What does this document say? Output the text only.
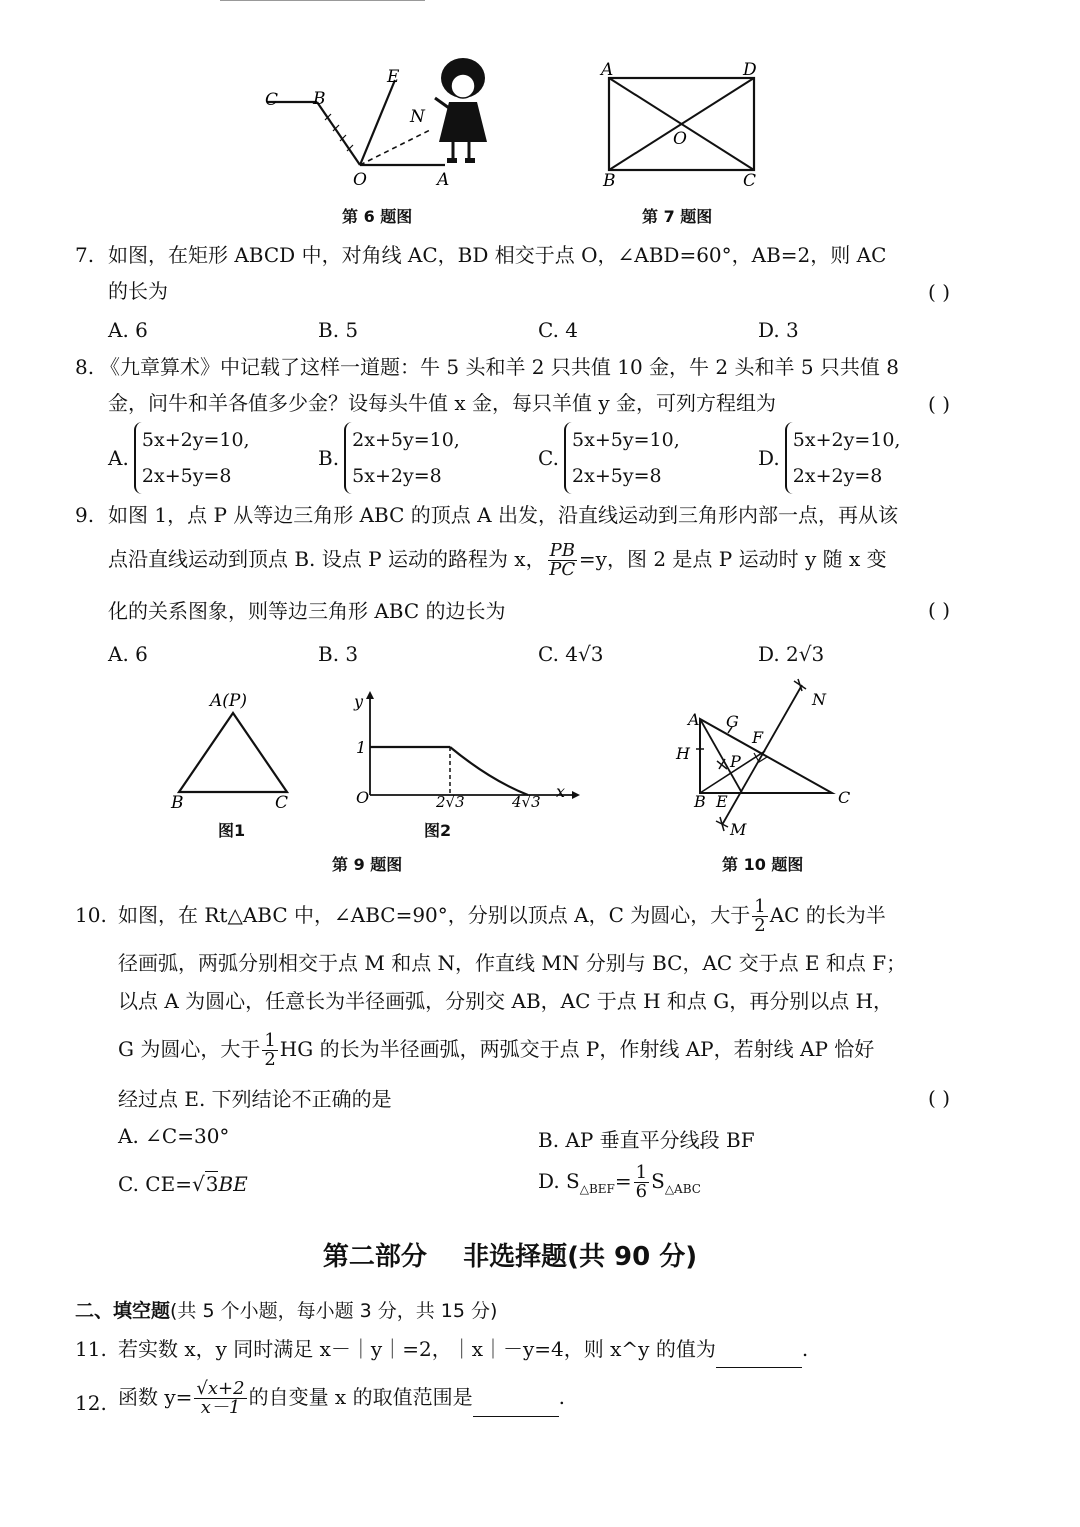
C B
E
N
O	A
第 6 题图
A	D
B	C
O
第 7 题图
7. 如图，在矩形 ABCD 中，对角线 AC，BD 相交于点 O，∠ABD=60°，AB=2，则 AC
的长为	( )
A. 6	B. 5	C. 4	D. 3
8. 《九章算术》中记载了这样一道题：牛 5 头和羊 2 只共值 10 金，牛 2 头和羊 5 只共值 8
金，问牛和羊各值多少金？设每头牛值 x 金，每只羊值 y 金，可列方程组为	( )
A.
5x+2y=10,
2x+5y=8
B.
2x+5y=10,
5x+2y=8
C.
5x+5y=10,
2x+5y=8
D.
5x+2y=10,
2x+2y=8
9. 如图 1，点 P 从等边三角形 ABC 的顶点 A 出发，沿直线运动到三角形内部一点，再从该
点沿直线运动到顶点 B. 设点 P 运动的路程为 x， $\frac{PB}{PC} =y$，图 2 是点 P 运动时 y 随 x 变
化的关系图象，则等边三角形 ABC 的边长为	( )
A. 6	B. 3	C. 4√3	D. 2√3
A(P)
B	C
图1
y
1
O	2√3	4√3
x
图2
第 9 题图
A G
F
H	P
B E	C
M
N
第 10 题图
10. 如图，在 Rt△ABC 中，∠ABC=90°，分别以顶点 A，C 为圆心，大于 $\frac{1}{2}$ AC 的长为半
径画弧，两弧分别相交于点 M 和点 N，作直线 MN 分别与 BC，AC 交于点 E 和点 F；
以点 A 为圆心，任意长为半径画弧，分别交 AB，AC 于点 H 和点 G，再分别以点 H，
G 为圆心，大于 $\frac{1}{2}$ HG 的长为半径画弧，两弧交于点 P，作射线 AP，若射线 AP 恰好
经过点 E. 下列结论不正确的是	( )
A. ∠C=30°	B. AP 垂直平分线段 BF
C. CE=√3BE	D. $S_{\triangle BEF}= \frac{1}{6} S_{\triangle ABC}$
第二部分    非选择题(共 90 分)
二、填空题(共 5 个小题，每小题 3 分，共 15 分)
11. 若实数 x，y 同时满足 x－｜y｜=2，｜x｜－y=4，则 x^y 的值为	.
12. 函数 $y= \frac{√x+2}{x-1}$ 的自变量 x 的取值范围是	.
